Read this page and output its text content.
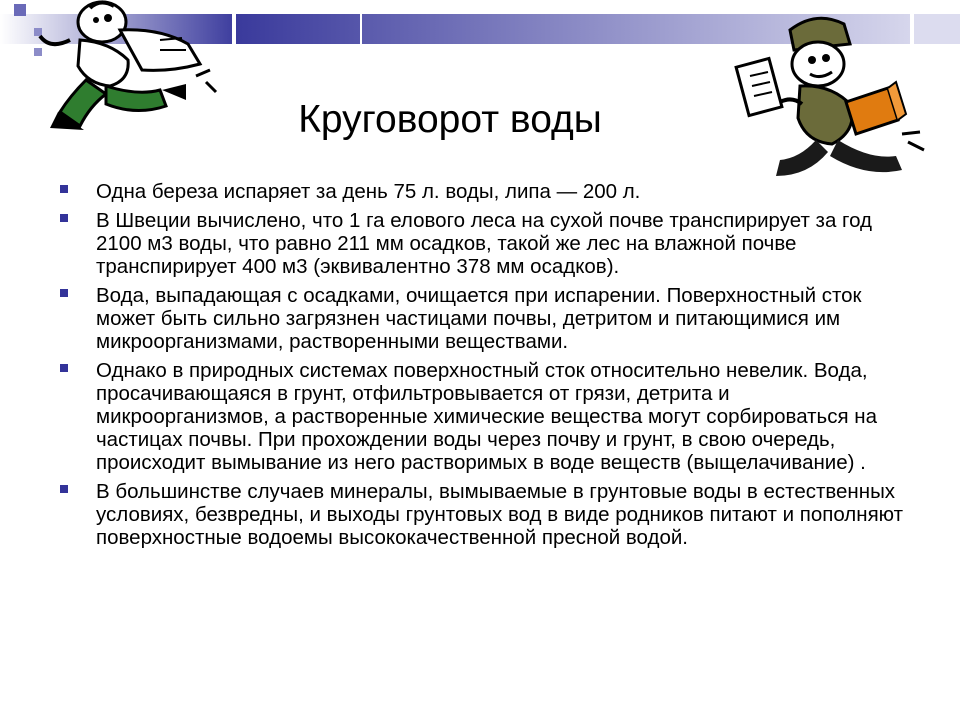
Круговорот воды
Одна береза испаряет за день 75 л. воды, липа — 200 л.
В Швеции вычислено, что 1 га елового леса на сухой почве транспирирует за год 2100 м3 воды, что равно 211 мм осадков, такой же лес на влажной почве транспирирует 400 м3 (эквивалентно 378 мм осадков).
Вода, выпадающая с осадками, очищается при испарении. Поверхностный сток может быть сильно загрязнен частицами почвы, детритом и питающимися им микроорганизмами, растворенными веществами.
Однако в природных системах поверхностный сток относительно невелик. Вода, просачивающаяся в грунт, отфильтровывается от грязи, детрита и микроорганизмов, а растворенные химические вещества могут сорбироваться на частицах почвы. При прохождении воды через почву и грунт, в свою очередь, происходит вымывание из него растворимых в воде веществ (выщелачивание) .
В большинстве случаев минералы, вымываемые в грунтовые воды в естественных условиях, безвредны, и выходы грунтовых вод в виде родников питают и пополняют поверхностные водоемы высококачественной пресной водой.
